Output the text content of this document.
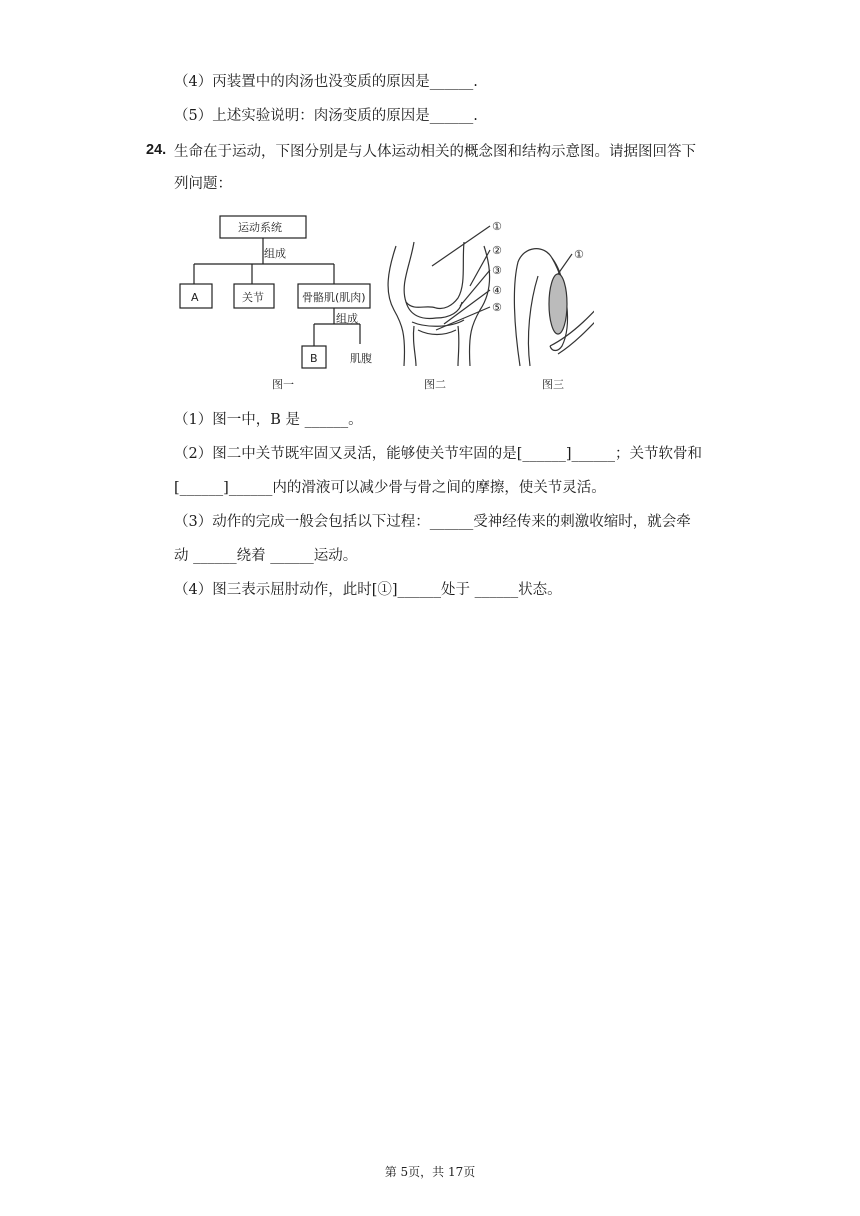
（4）丙装置中的肉汤也没变质的原因是______.
（5）上述实验说明：肉汤变质的原因是______.
24. 生命在于运动，下图分别是与人体运动相关的概念图和结构示意图。请据图回答下
列问题：
运动系统
组成
A	关节	骨骼肌(肌肉)
组成
B	肌腹
图一
①
②
③
④
⑤
图二
①
图三
（1）图一中，B 是 ______。
（2）图二中关节既牢固又灵活，能够使关节牢固的是[______]______；关节软骨和
[______]______内的滑液可以减少骨与骨之间的摩擦，使关节灵活。
（3）动作的完成一般会包括以下过程：______受神经传来的刺激收缩时，就会牵
动 ______绕着 ______运动。
（4）图三表示屈肘动作，此时[①]______处于 ______状态。
第 5页，共 17页
